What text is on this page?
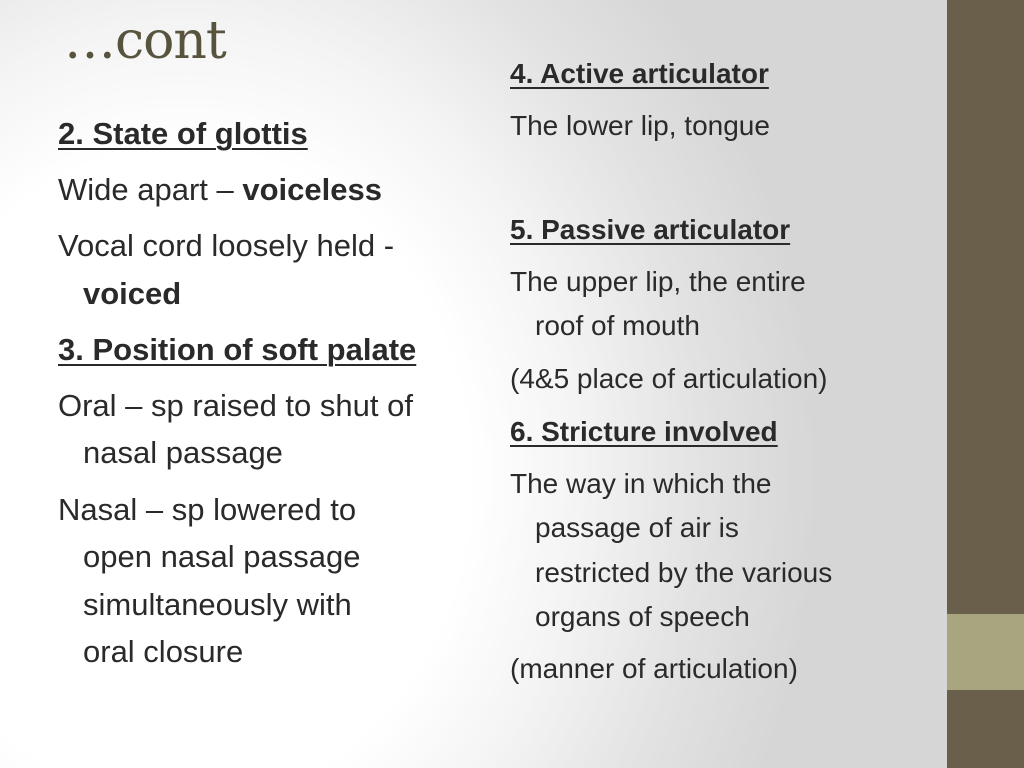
…cont

2. State of glottis

Wide apart – voiceless

Vocal cord loosely held -

voiced

3. Position of soft palate

Oral – sp raised to shut of

nasal passage

Nasal – sp lowered to

open nasal passage

simultaneously with

oral closure

4. Active articulator

The lower lip, tongue

5. Passive articulator

The upper lip, the entire

roof of mouth

(4&5 place of articulation)

6. Stricture involved

The way in which the

passage of air is

restricted by the various

organs of speech

(manner of articulation)
